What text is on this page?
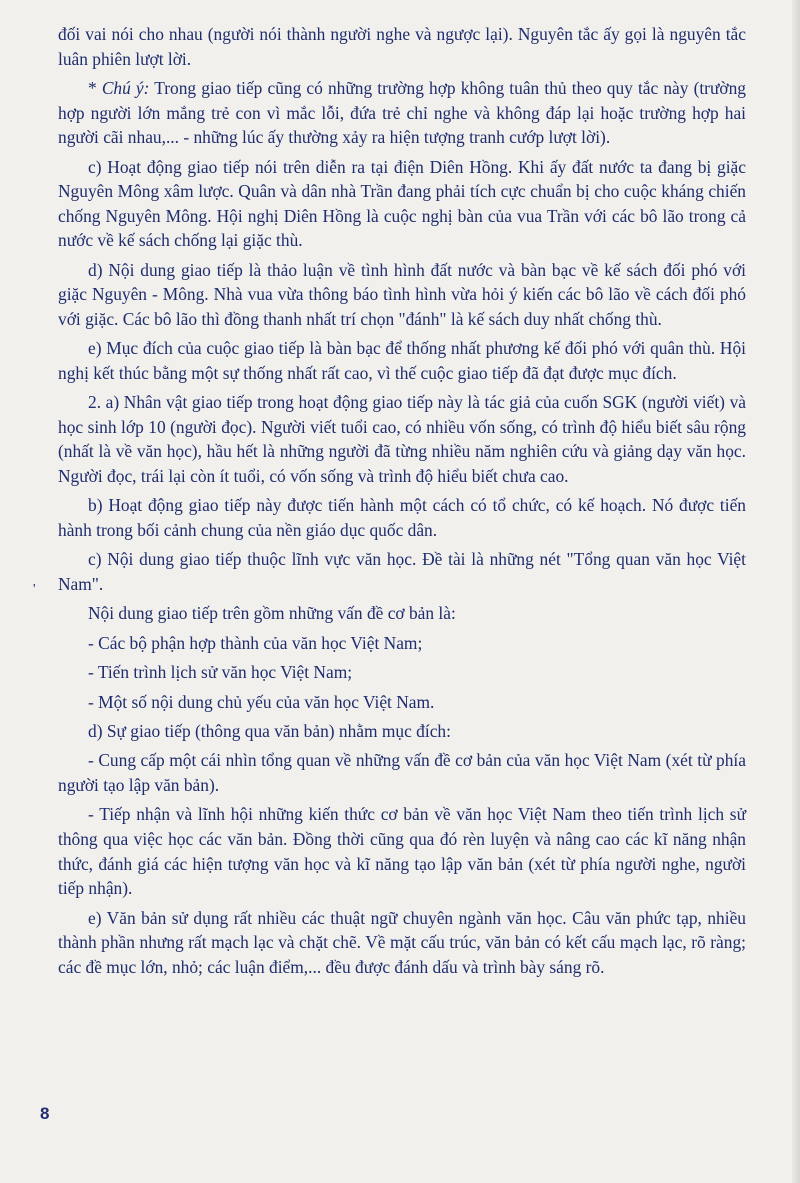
đối vai nói cho nhau (người nói thành người nghe và ngược lại). Nguyên tắc ấy gọi là nguyên tắc luân phiên lượt lời.

* Chú ý: Trong giao tiếp cũng có những trường hợp không tuân thủ theo quy tắc này (trường hợp người lớn mắng trẻ con vì mắc lỗi, đứa trẻ chỉ nghe và không đáp lại hoặc trường hợp hai người cãi nhau,... - những lúc ấy thường xảy ra hiện tượng tranh cướp lượt lời).

c) Hoạt động giao tiếp nói trên diễn ra tại điện Diên Hồng. Khi ấy đất nước ta đang bị giặc Nguyên Mông xâm lược. Quân và dân nhà Trần đang phải tích cực chuẩn bị cho cuộc kháng chiến chống Nguyên Mông. Hội nghị Diên Hồng là cuộc nghị bàn của vua Trần với các bô lão trong cả nước về kế sách chống lại giặc thù.

d) Nội dung giao tiếp là thảo luận về tình hình đất nước và bàn bạc về kế sách đối phó với giặc Nguyên - Mông. Nhà vua vừa thông báo tình hình vừa hỏi ý kiến các bô lão về cách đối phó với giặc. Các bô lão thì đồng thanh nhất trí chọn "đánh" là kế sách duy nhất chống thù.

e) Mục đích của cuộc giao tiếp là bàn bạc để thống nhất phương kế đối phó với quân thù. Hội nghị kết thúc bằng một sự thống nhất rất cao, vì thế cuộc giao tiếp đã đạt được mục đích.

2. a) Nhân vật giao tiếp trong hoạt động giao tiếp này là tác giả của cuốn SGK (người viết) và học sinh lớp 10 (người đọc). Người viết tuổi cao, có nhiều vốn sống, có trình độ hiểu biết sâu rộng (nhất là về văn học), hầu hết là những người đã từng nhiều năm nghiên cứu và giảng dạy văn học. Người đọc, trái lại còn ít tuổi, có vốn sống và trình độ hiểu biết chưa cao.

b) Hoạt động giao tiếp này được tiến hành một cách có tổ chức, có kế hoạch. Nó được tiến hành trong bối cảnh chung của nền giáo dục quốc dân.

c) Nội dung giao tiếp thuộc lĩnh vực văn học. Đề tài là những nét "Tổng quan văn học Việt Nam".

Nội dung giao tiếp trên gồm những vấn đề cơ bản là:

- Các bộ phận hợp thành của văn học Việt Nam;

- Tiến trình lịch sử văn học Việt Nam;

- Một số nội dung chủ yếu của văn học Việt Nam.

d) Sự giao tiếp (thông qua văn bản) nhằm mục đích:

- Cung cấp một cái nhìn tổng quan về những vấn đề cơ bản của văn học Việt Nam (xét từ phía người tạo lập văn bản).

- Tiếp nhận và lĩnh hội những kiến thức cơ bản về văn học Việt Nam theo tiến trình lịch sử thông qua việc học các văn bản. Đồng thời cũng qua đó rèn luyện và nâng cao các kĩ năng nhận thức, đánh giá các hiện tượng văn học và kĩ năng tạo lập văn bản (xét từ phía người nghe, người tiếp nhận).

e) Văn bản sử dụng rất nhiều các thuật ngữ chuyên ngành văn học. Câu văn phức tạp, nhiều thành phần nhưng rất mạch lạc và chặt chẽ. Về mặt cấu trúc, văn bản có kết cấu mạch lạc, rõ ràng; các đề mục lớn, nhỏ; các luận điểm,... đều được đánh dấu và trình bày sáng rõ.

'
8
